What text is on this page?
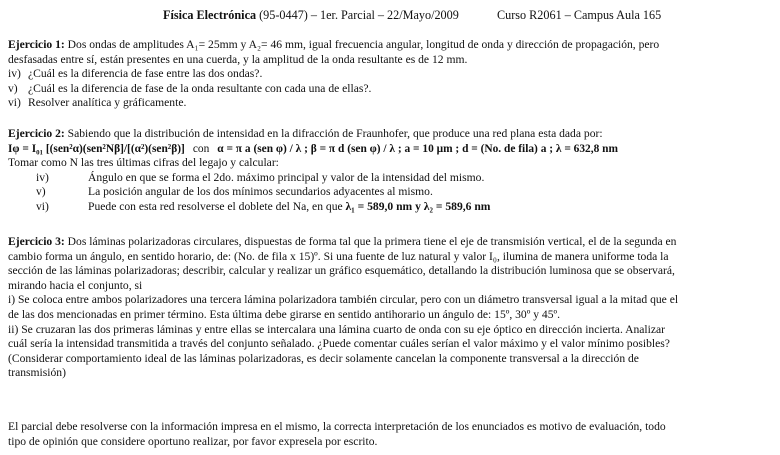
Física Electrónica (95-0447) – 1er. Parcial – 22/Mayo/2009	Curso R2061 – Campus Aula 165
Ejercicio 1: Dos ondas de amplitudes A₁= 25mm y A₂= 46 mm, igual frecuencia angular, longitud de onda y dirección de propagación, pero
desfasadas entre sí, están presentes en una cuerda, y la amplitud de la onda resultante es de 12 mm.
iv) ¿Cuál es la diferencia de fase entre las dos ondas?.
v) ¿Cuál es la diferencia de fase de la onda resultante con cada una de ellas?.
vi) Resolver analítica y gráficamente.
Ejercicio 2: Sabiendo que la distribución de intensidad en la difracción de Fraunhofer, que produce una red plana esta dada por:
Iφ = I₀₁ [(sen²α)(sen²Nβ]/[(α²)(sen²β)] con α = π a (sen φ) / λ ; β = π d (sen φ) / λ ; a = 10 μm ; d = (No. de fila) a ; λ = 632,8 nm
Tomar como N las tres últimas cifras del legajo y calcular:
iv)	Ángulo en que se forma el 2do. máximo principal y valor de la intensidad del mismo.
v)	La posición angular de los dos mínimos secundarios adyacentes al mismo.
vi)	Puede con esta red resolverse el doblete del Na, en que λ₁ = 589,0 nm y λ₂ = 589,6 nm
Ejercicio 3: Dos láminas polarizadoras circulares, dispuestas de forma tal que la primera tiene el eje de transmisión vertical, el de la segunda en
cambio forma un ángulo, en sentido horario, de: (No. de fila x 15)º. Si una fuente de luz natural y valor I₀, ilumina de manera uniforme toda la
sección de las láminas polarizadoras; describir, calcular y realizar un gráfico esquemático, detallando la distribución luminosa que se observará,
mirando hacia el conjunto, si
i) Se coloca entre ambos polarizadores una tercera lámina polarizadora también circular, pero con un diámetro transversal igual a la mitad que el
de las dos mencionadas en primer término. Esta última debe girarse en sentido antihorario un ángulo de: 15º, 30º y 45º.
ii) Se cruzaran las dos primeras láminas y entre ellas se intercalara una lámina cuarto de onda con su eje óptico en dirección incierta. Analizar
cuál sería la intensidad transmitida a través del conjunto señalado. ¿Puede comentar cuáles serían el valor máximo y el valor mínimo posibles?
(Considerar comportamiento ideal de las láminas polarizadoras, es decir solamente cancelan la componente transversal a la dirección de
transmisión)
El parcial debe resolverse con la información impresa en el mismo, la correcta interpretación de los enunciados es motivo de evaluación, todo
tipo de opinión que considere oportuno realizar, por favor expresela por escrito.
